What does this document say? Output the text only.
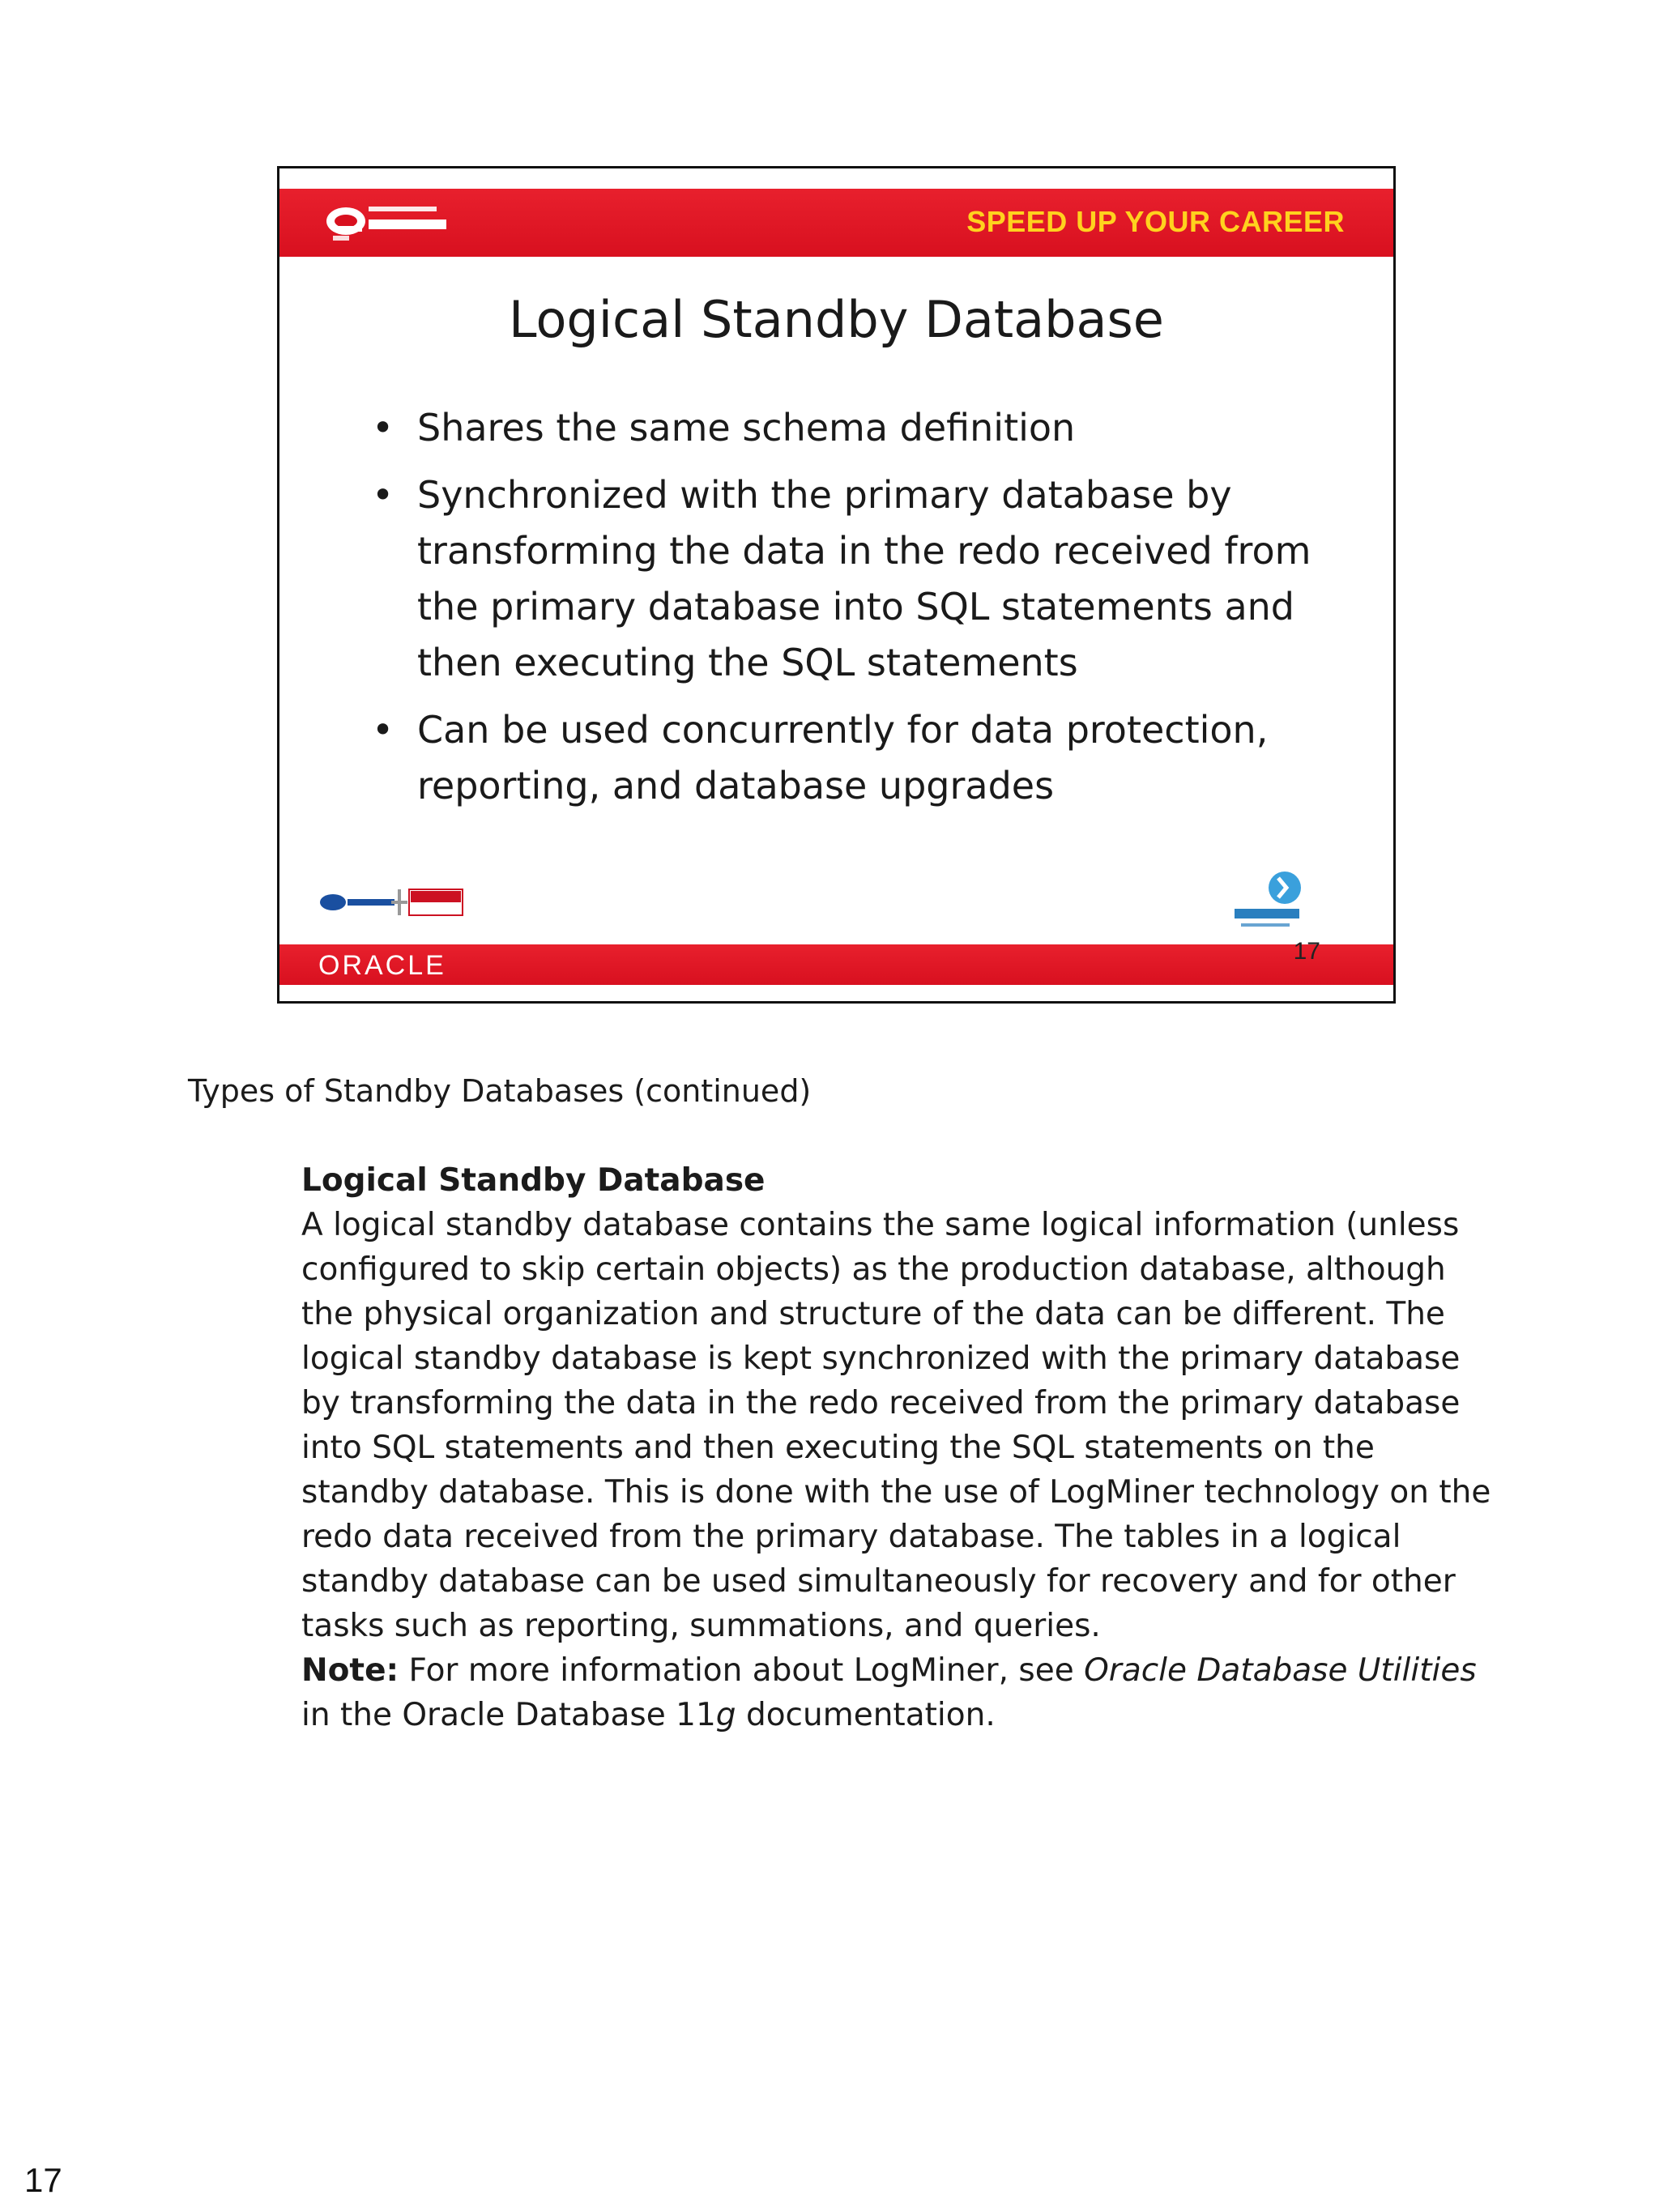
SPEED UP YOUR CAREER
Logical Standby Database
• Shares the same schema definition
• Synchronized with the primary database by transforming the data in the redo received from the primary database into SQL statements and then executing the SQL statements
• Can be used concurrently for data protection, reporting, and database upgrades
ORACLE	17
Types of Standby Databases (continued)
Logical Standby Database

A logical standby database contains the same logical information (unless configured to skip certain objects) as the production database, although the physical organization and structure of the data can be different. The logical standby database is kept synchronized with the primary database by transforming the data in the redo received from the primary database into SQL statements and then executing the SQL statements on the standby database. This is done with the use of LogMiner technology on the redo data received from the primary database. The tables in a logical standby database can be used simultaneously for recovery and for other tasks such as reporting, summations, and queries.

Note: For more information about LogMiner, see Oracle Database Utilities in the Oracle Database 11g documentation.

17
